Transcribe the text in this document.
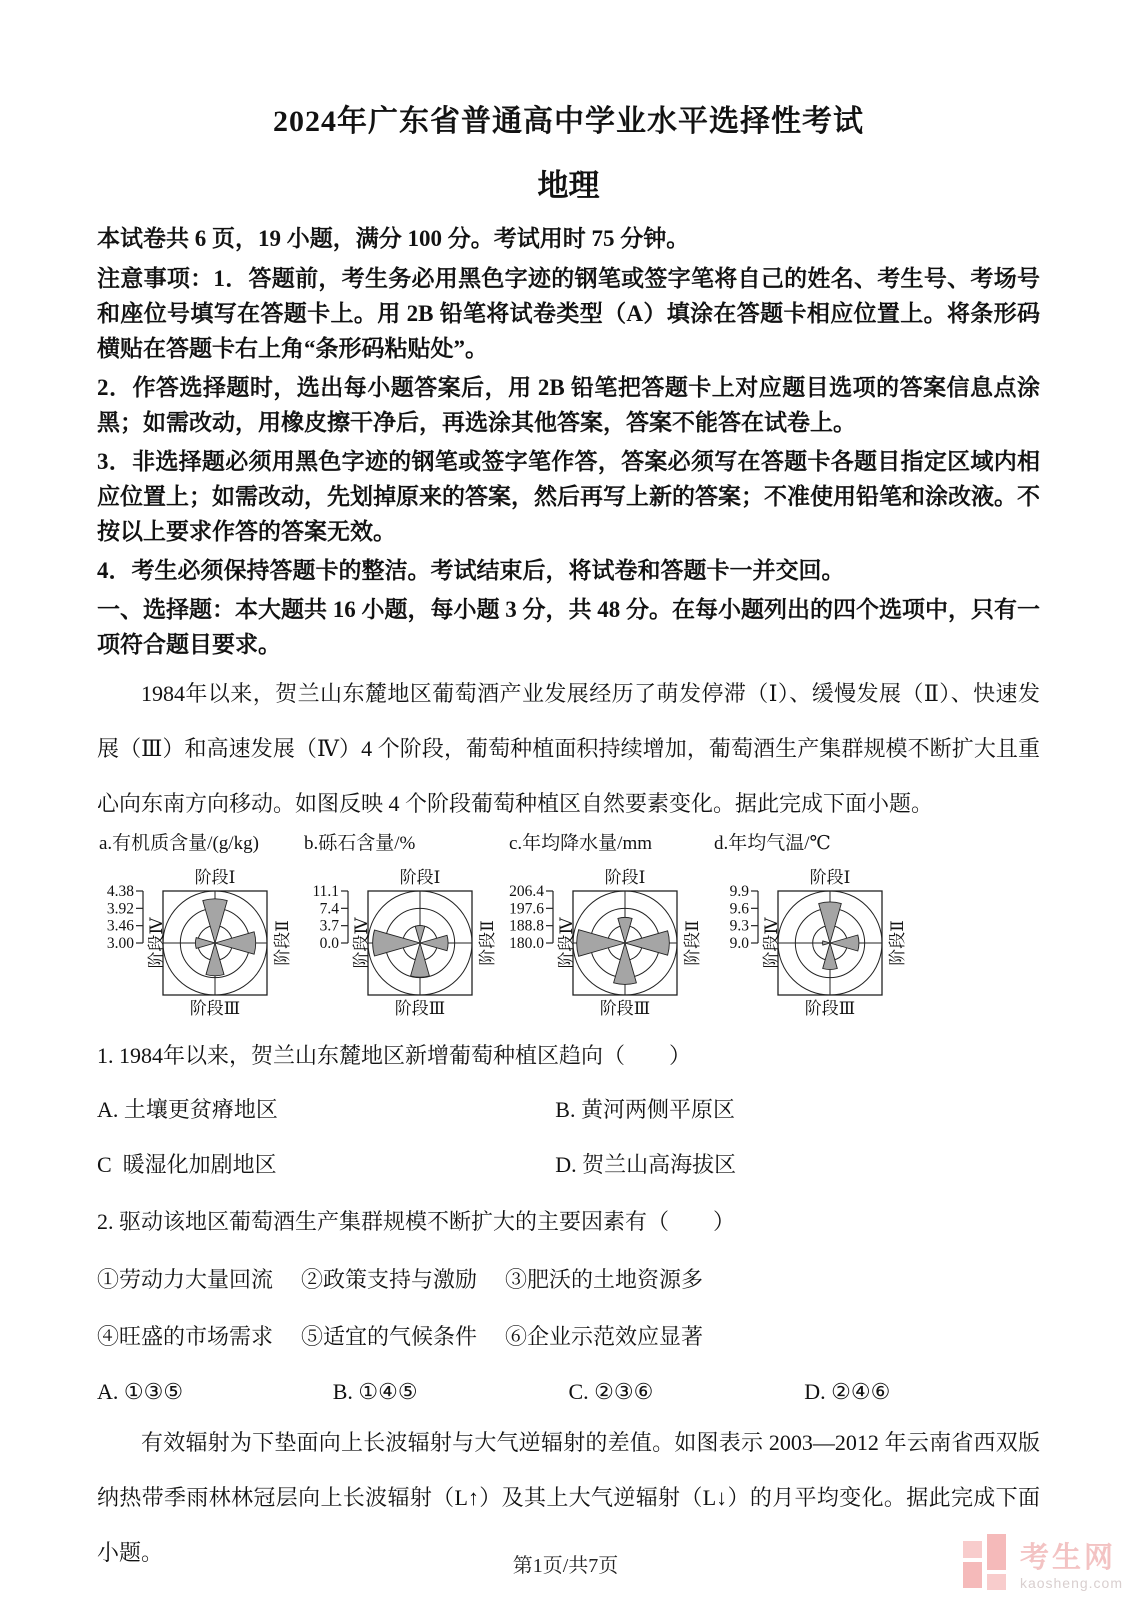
2024年广东省普通高中学业水平选择性考试
地理

本试卷共 6 页，19 小题，满分 100 分。考试用时 75 分钟。

注意事项：1．答题前，考生务必用黑色字迹的钢笔或签字笔将自己的姓名、考生号、考场号和座位号填写在答题卡上。用 2B 铅笔将试卷类型（A）填涂在答题卡相应位置上。将条形码横贴在答题卡右上角“条形码粘贴处”。

2．作答选择题时，选出每小题答案后，用 2B 铅笔把答题卡上对应题目选项的答案信息点涂黑；如需改动，用橡皮擦干净后，再选涂其他答案，答案不能答在试卷上。

3．非选择题必须用黑色字迹的钢笔或签字笔作答，答案必须写在答题卡各题目指定区域内相应位置上；如需改动，先划掉原来的答案，然后再写上新的答案；不准使用铅笔和涂改液。不按以上要求作答的答案无效。

4．考生必须保持答题卡的整洁。考试结束后，将试卷和答题卡一并交回。

一、选择题：本大题共 16 小题，每小题 3 分，共 48 分。在每小题列出的四个选项中，只有一项符合题目要求。

1984年以来，贺兰山东麓地区葡萄酒产业发展经历了萌发停滞（Ⅰ）、缓慢发展（Ⅱ）、快速发展（Ⅲ）和高速发展（Ⅳ）4 个阶段，葡萄种植面积持续增加，葡萄酒生产集群规模不断扩大且重心向东南方向移动。如图反映 4 个阶段葡萄种植区自然要素变化。据此完成下面小题。

a.有机质含量/(g/kg)
4.38
3.92
3.46
3.00
阶段Ⅰ
阶段Ⅲ
阶段Ⅱ
阶段Ⅳ
b.砾石含量/%
11.1
7.4
3.7
0.0
阶段Ⅰ
阶段Ⅲ
阶段Ⅱ
阶段Ⅳ
c.年均降水量/mm
206.4
197.6
188.8
180.0
阶段Ⅰ
阶段Ⅲ
阶段Ⅱ
阶段Ⅳ
d.年均气温/℃
9.9
9.6
9.3
9.0
阶段Ⅰ
阶段Ⅲ
阶段Ⅱ
阶段Ⅳ

1. 1984年以来，贺兰山东麓地区新增葡萄种植区趋向（　　）

A. 土壤更贫瘠地区	B. 黄河两侧平原区
C  暖湿化加剧地区	D. 贺兰山高海拔区

2. 驱动该地区葡萄酒生产集群规模不断扩大的主要因素有（　　）

①劳动力大量回流 ②政策支持与激励 ③肥沃的土地资源多
④旺盛的市场需求 ⑤适宜的气候条件 ⑥企业示范效应显著
A. ①③⑤	B. ①④⑤	C. ②③⑥	D. ②④⑥

有效辐射为下垫面向上长波辐射与大气逆辐射的差值。如图表示 2003—2012 年云南省西双版纳热带季雨林林冠层向上长波辐射（L↑）及其上大气逆辐射（L↓）的月平均变化。据此完成下面小题。

第1页/共7页	考生网
kaosheng.com
